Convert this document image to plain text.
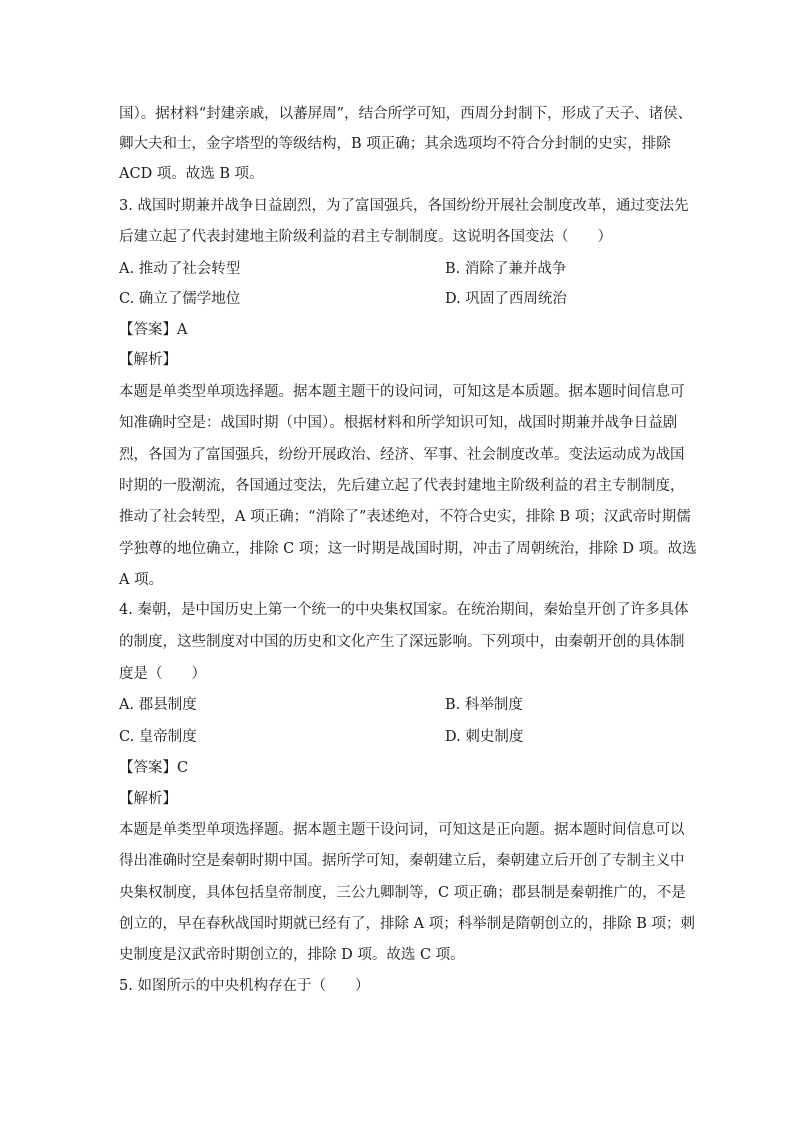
国）。据材料“封建亲戚，以蕃屏周”，结合所学可知，西周分封制下，形成了天子、诸侯、
卿大夫和士，金字塔型的等级结构，B 项正确；其余选项均不符合分封制的史实，排除
ACD 项。故选 B 项。
3. 战国时期兼并战争日益剧烈，为了富国强兵，各国纷纷开展社会制度改革，通过变法先
后建立起了代表封建地主阶级利益的君主专制制度。这说明各国变法（　　）
A. 推动了社会转型	B. 消除了兼并战争
C. 确立了儒学地位	D. 巩固了西周统治
【答案】A
【解析】
本题是单类型单项选择题。据本题主题干的设问词，可知这是本质题。据本题时间信息可
知准确时空是：战国时期（中国）。根据材料和所学知识可知，战国时期兼并战争日益剧
烈，各国为了富国强兵，纷纷开展政治、经济、军事、社会制度改革。变法运动成为战国
时期的一股潮流，各国通过变法，先后建立起了代表封建地主阶级利益的君主专制制度，
推动了社会转型，A 项正确；“消除了”表述绝对，不符合史实，排除 B 项；汉武帝时期儒
学独尊的地位确立，排除 C 项；这一时期是战国时期，冲击了周朝统治，排除 D 项。故选
A 项。
4. 秦朝，是中国历史上第一个统一的中央集权国家。在统治期间，秦始皇开创了许多具体
的制度，这些制度对中国的历史和文化产生了深远影响。下列项中，由秦朝开创的具体制
度是（　　）
A. 郡县制度	B. 科举制度
C. 皇帝制度	D. 刺史制度
【答案】C
【解析】
本题是单类型单项选择题。据本题主题干设问词，可知这是正向题。据本题时间信息可以
得出准确时空是秦朝时期中国。据所学可知，秦朝建立后，秦朝建立后开创了专制主义中
央集权制度，具体包括皇帝制度，三公九卿制等，C 项正确；郡县制是秦朝推广的，不是
创立的，早在春秋战国时期就已经有了，排除 A 项；科举制是隋朝创立的，排除 B 项；刺
史制度是汉武帝时期创立的，排除 D 项。故选 C 项。
5. 如图所示的中央机构存在于（　　）
